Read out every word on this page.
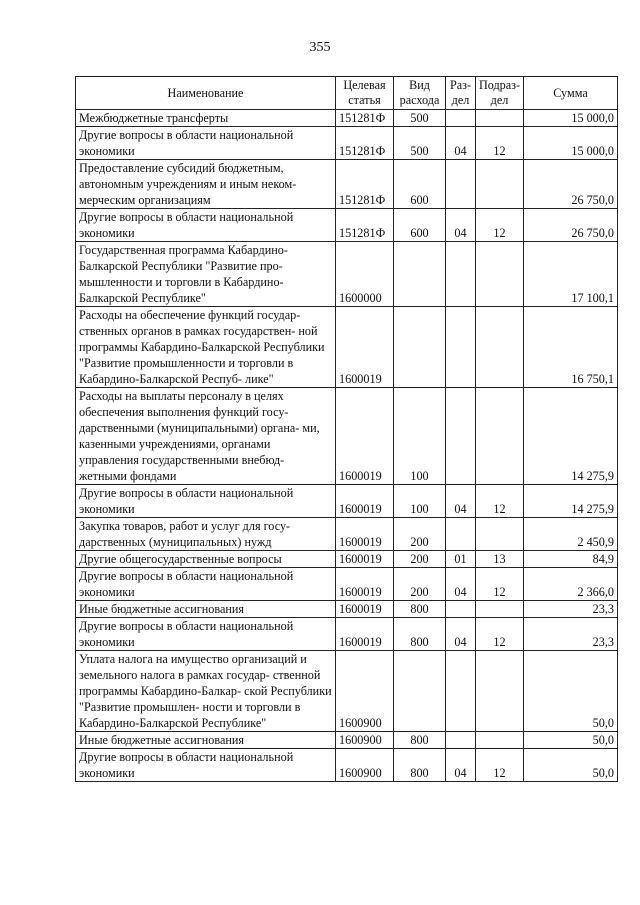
355
Наименование	Целевая статья	Вид расхода	Раз- дел	Подраз- дел	Сумма
Межбюджетные трансферты	151281Ф	500			15 000,0
Другие вопросы в области национальной экономики	151281Ф	500	04	12	15 000,0
Предоставление субсидий бюджетным, автономным учреждениям и иным неком- мерческим организациям	151281Ф	600			26 750,0
Другие вопросы в области национальной экономики	151281Ф	600	04	12	26 750,0
Государственная программа Кабардино- Балкарской Республики "Развитие про- мышленности и торговли в Кабардино- Балкарской Республике"	1600000				17 100,1
Расходы на обеспечение функций государ- ственных органов в рамках государствен- ной программы Кабардино-Балкарской Республики "Развитие промышленности и торговли в Кабардино-Балкарской Респуб- лике"	1600019				16 750,1
Расходы на выплаты персоналу в целях обеспечения выполнения функций госу- дарственными (муниципальными) органа- ми, казенными учреждениями, органами управления государственными внебюд- жетными фондами	1600019	100			14 275,9
Другие вопросы в области национальной экономики	1600019	100	04	12	14 275,9
Закупка товаров, работ и услуг для госу- дарственных (муниципальных) нужд	1600019	200			2 450,9
Другие общегосударственные вопросы	1600019	200	01	13	84,9
Другие вопросы в области национальной экономики	1600019	200	04	12	2 366,0
Иные бюджетные ассигнования	1600019	800			23,3
Другие вопросы в области национальной экономики	1600019	800	04	12	23,3
Уплата налога на имущество организаций и земельного налога в рамках государ- ственной программы Кабардино-Балкар- ской Республики "Развитие промышлен- ности и торговли в Кабардино-Балкарской Республике"	1600900				50,0
Иные бюджетные ассигнования	1600900	800			50,0
Другие вопросы в области национальной экономики	1600900	800	04	12	50,0
